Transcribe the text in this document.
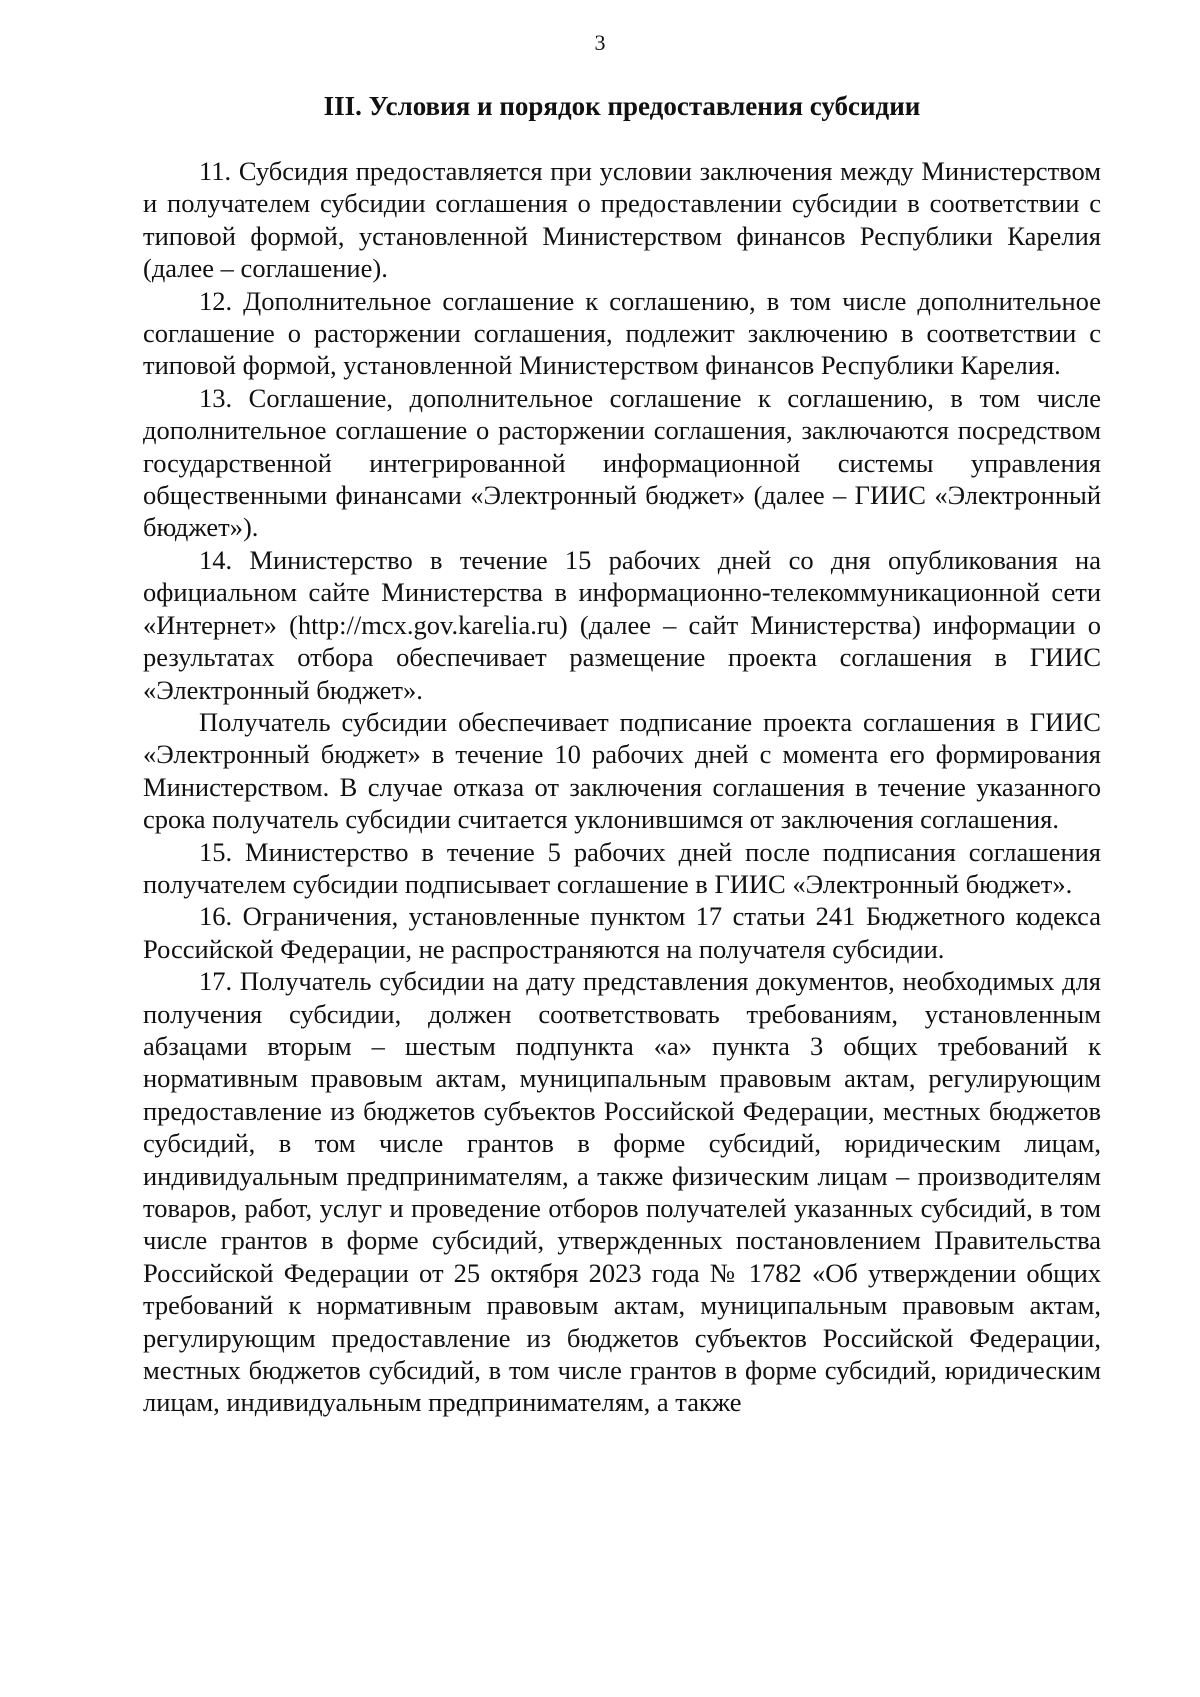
3
III. Условия и порядок предоставления субсидии

11. Субсидия предоставляется при условии заключения между Министерством и получателем субсидии соглашения о предоставлении субсидии в соответствии с типовой формой, установленной Министерством финансов Республики Карелия (далее – соглашение).

12. Дополнительное соглашение к соглашению, в том числе дополнительное соглашение о расторжении соглашения, подлежит заключению в соответствии с типовой формой, установленной Министерством финансов Республики Карелия.

13. Соглашение, дополнительное соглашение к соглашению, в том числе дополнительное соглашение о расторжении соглашения, заключаются посредством государственной интегрированной информационной системы управления общественными финансами «Электронный бюджет» (далее – ГИИС «Электронный бюджет»).

14. Министерство в течение 15 рабочих дней со дня опубликования на официальном сайте Министерства в информационно-телекоммуникационной сети «Интернет» (http://mcx.gov.karelia.ru) (далее – сайт Министерства) информации о результатах отбора обеспечивает размещение проекта соглашения в ГИИС «Электронный бюджет».

Получатель субсидии обеспечивает подписание проекта соглашения в ГИИС «Электронный бюджет» в течение 10 рабочих дней с момента его формирования Министерством. В случае отказа от заключения соглашения в течение указанного срока получатель субсидии считается уклонившимся от заключения соглашения.

15. Министерство в течение 5 рабочих дней после подписания соглашения получателем субсидии подписывает соглашение в ГИИС «Электронный бюджет».

16. Ограничения, установленные пунктом 17 статьи 241 Бюджетного кодекса Российской Федерации, не распространяются на получателя субсидии.

17. Получатель субсидии на дату представления документов, необходимых для получения субсидии, должен соответствовать требованиям, установленным абзацами вторым – шестым подпункта «а» пункта 3 общих требований к нормативным правовым актам, муниципальным правовым актам, регулирующим предоставление из бюджетов субъектов Российской Федерации, местных бюджетов субсидий, в том числе грантов в форме субсидий, юридическим лицам, индивидуальным предпринимателям, а также физическим лицам – производителям товаров, работ, услуг и проведение отборов получателей указанных субсидий, в том числе грантов в форме субсидий, утвержденных постановлением Правительства Российской Федерации от 25 октября 2023 года № 1782 «Об утверждении общих требований к нормативным правовым актам, муниципальным правовым актам, регулирующим предоставление из бюджетов субъектов Российской Федерации, местных бюджетов субсидий, в том числе грантов в форме субсидий, юридическим лицам, индивидуальным предпринимателям, а также
